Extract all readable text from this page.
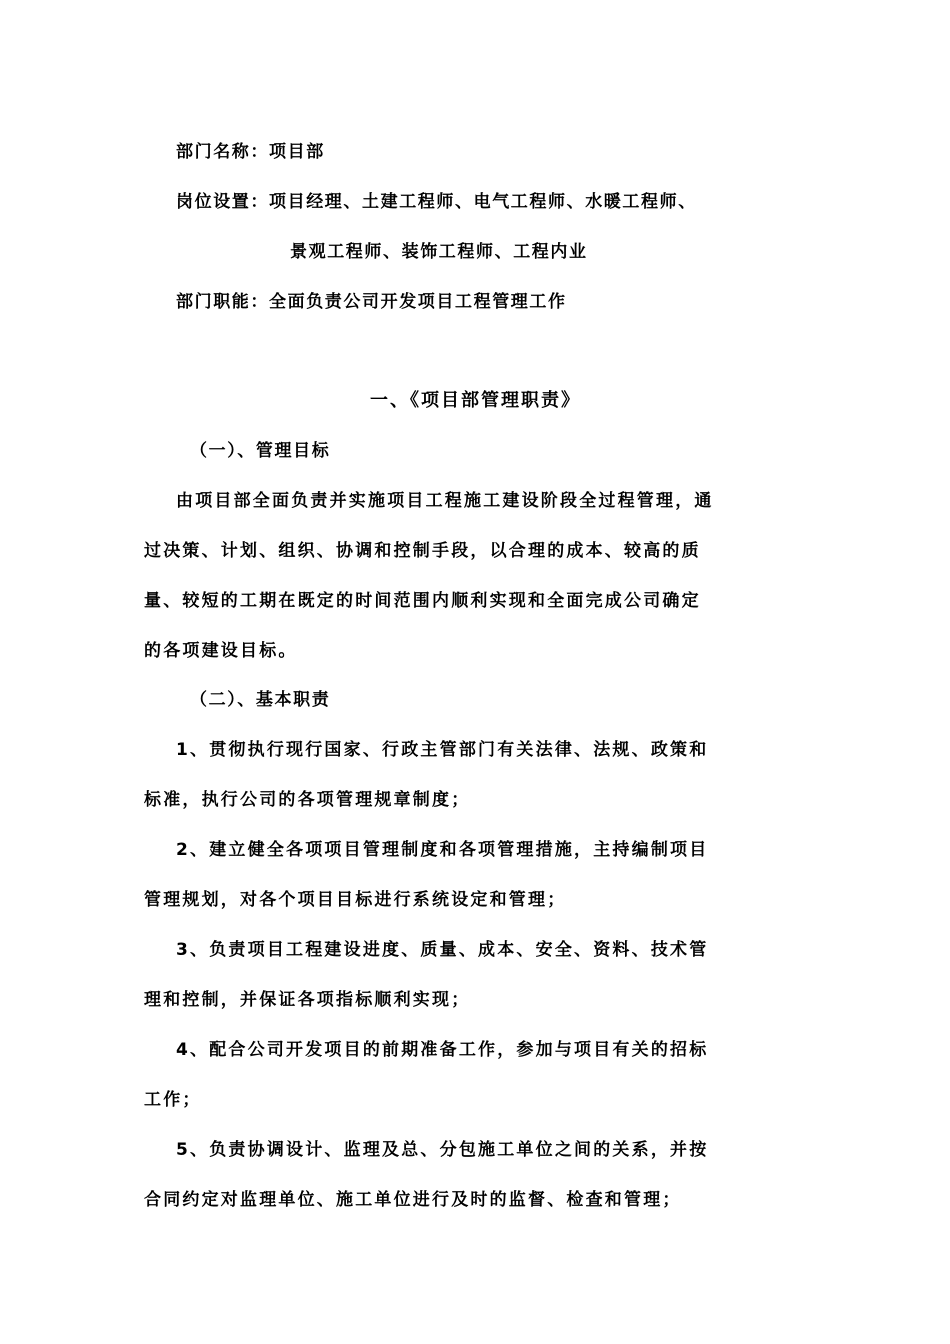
部门名称：项目部
岗位设置：项目经理、土建工程师、电气工程师、水暖工程师、
景观工程师、装饰工程师、工程内业
部门职能：全面负责公司开发项目工程管理工作
一、《项目部管理职责》
（一）、管理目标
由项目部全面负责并实施项目工程施工建设阶段全过程管理，通
过决策、计划、组织、协调和控制手段，以合理的成本、较高的质
量、较短的工期在既定的时间范围内顺利实现和全面完成公司确定
的各项建设目标。
（二）、基本职责
1、贯彻执行现行国家、行政主管部门有关法律、法规、政策和
标准，执行公司的各项管理规章制度；
2、建立健全各项项目管理制度和各项管理措施，主持编制项目
管理规划，对各个项目目标进行系统设定和管理；
3、负责项目工程建设进度、质量、成本、安全、资料、技术管
理和控制，并保证各项指标顺利实现；
4、配合公司开发项目的前期准备工作，参加与项目有关的招标
工作；
5、负责协调设计、监理及总、分包施工单位之间的关系，并按
合同约定对监理单位、施工单位进行及时的监督、检查和管理；
